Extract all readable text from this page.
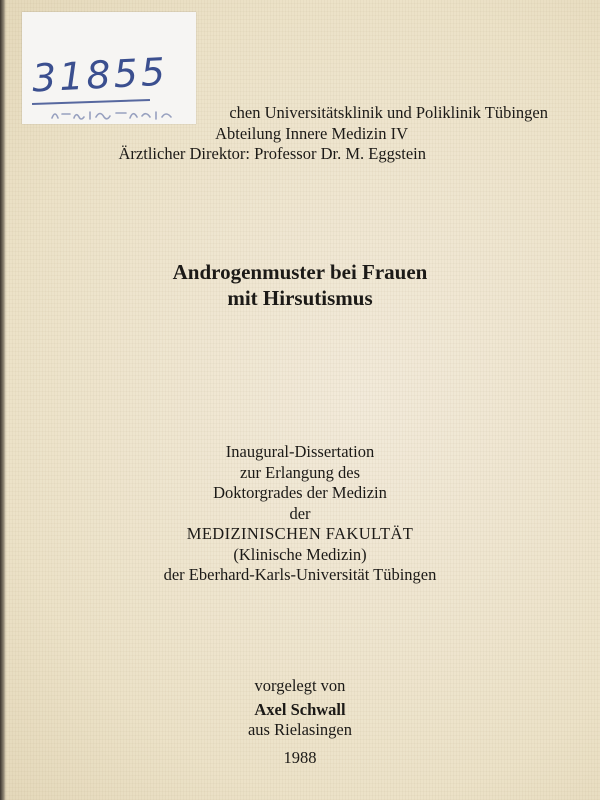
31855
chen Universitätsklinik und Poliklinik Tübingen
Abteilung Innere Medizin IV
Ärztlicher Direktor: Professor Dr. M. Eggstein
Androgenmuster bei Frauen
mit Hirsutismus
Inaugural-Dissertation
zur Erlangung des
Doktorgrades der Medizin
der
MEDIZINISCHEN FAKULTÄT
(Klinische Medizin)
der Eberhard-Karls-Universität Tübingen
vorgelegt von
Axel Schwall
aus Rielasingen
1988
